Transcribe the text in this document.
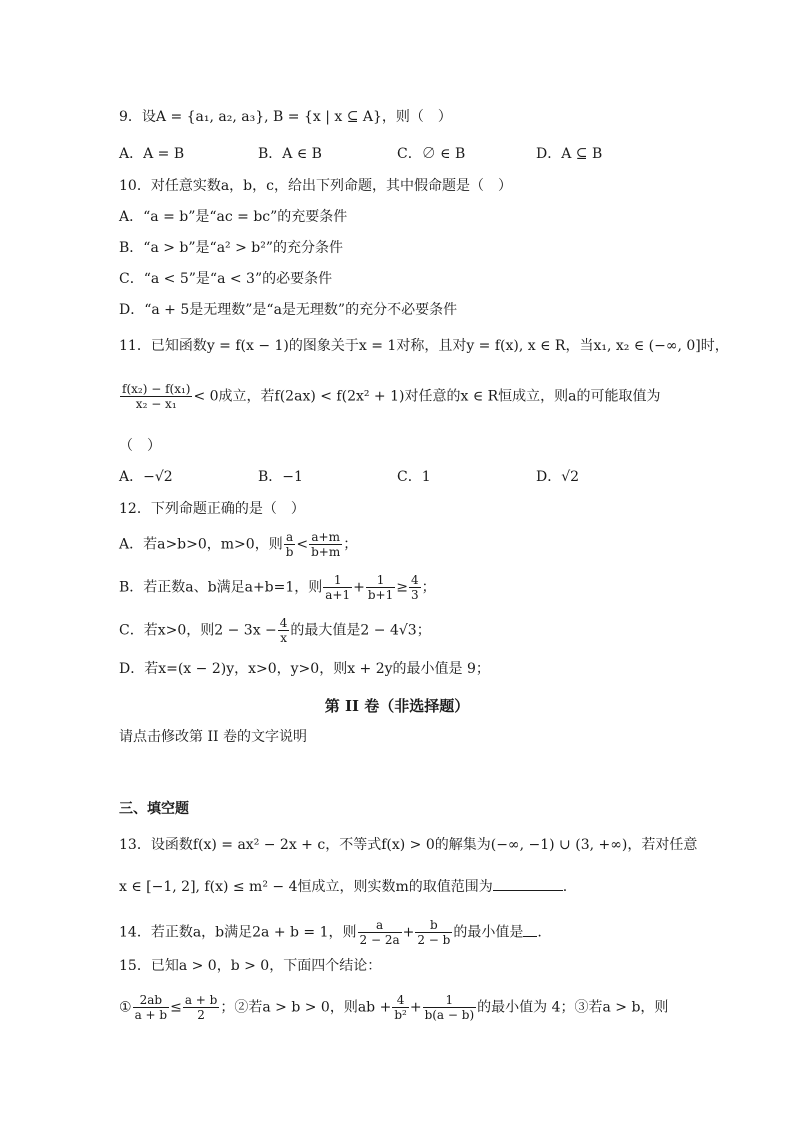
9．设A = {a₁, a₂, a₃}, B = {x | x ⊆ A}，则（　）
A．A = B	B．A ∈ B	C．∅ ∈ B	D．A ⊆ B
10．对任意实数a，b，c，给出下列命题，其中假命题是（　）
A．“a = b”是“ac = bc”的充要条件
B．“a > b”是“a² > b²”的充分条件
C．“a < 5”是“a < 3”的必要条件
D．“a + 5是无理数”是“a是无理数”的充分不必要条件
11．已知函数y = f(x − 1)的图象关于x = 1对称，且对y = f(x), x ∈ R，当x₁, x₂ ∈ (−∞, 0]时，
$\frac{\text{f(x₂) − f(x₁)}}{\text{x₂ − x₁}} < 0$成立，若f(2ax) < f(2x² + 1)对任意的x ∈ R恒成立，则a的可能取值为
（　）
A．−√2	B．−1	C．1	D．√2
12．下列命题正确的是（　）
A．若a>b>0，m>0，则 $\frac{a}{b} < \frac{a+m}{b+m}$ ；
B．若正数a、b满足a+b=1，则 $\frac{1}{a+1} + \frac{1}{b+1} \ge \frac{4}{3}$ ；
C．若x>0，则$2 - 3x - \frac{4}{x}$ 的最大值是2 − 4√3；
D．若x=(x − 2)y，x>0，y>0，则x + 2y的最小值是 9；
第 II 卷（非选择题）
请点击修改第 II 卷的文字说明
三、填空题
13．设函数f(x) = ax² − 2x + c，不等式f(x) > 0的解集为(−∞, −1) ∪ (3, +∞)，若对任意
x ∈ [−1, 2], f(x) ≤ m² − 4恒成立，则实数m的取值范围为	.
14．若正数a，b满足2a + b = 1，则 $\frac{a}{2 - 2a} + \frac{b}{2 - b}$ 的最小值是 .
15．已知a > 0，b > 0，下面四个结论：
① $\frac{2ab}{a + b} \le \frac{a + b}{2}$ ；②若a > b > 0，则ab + $\frac{4}{\text{b²}} + \frac{1}{b(a - b)}$ 的最小值为 4；③若a > b，则
